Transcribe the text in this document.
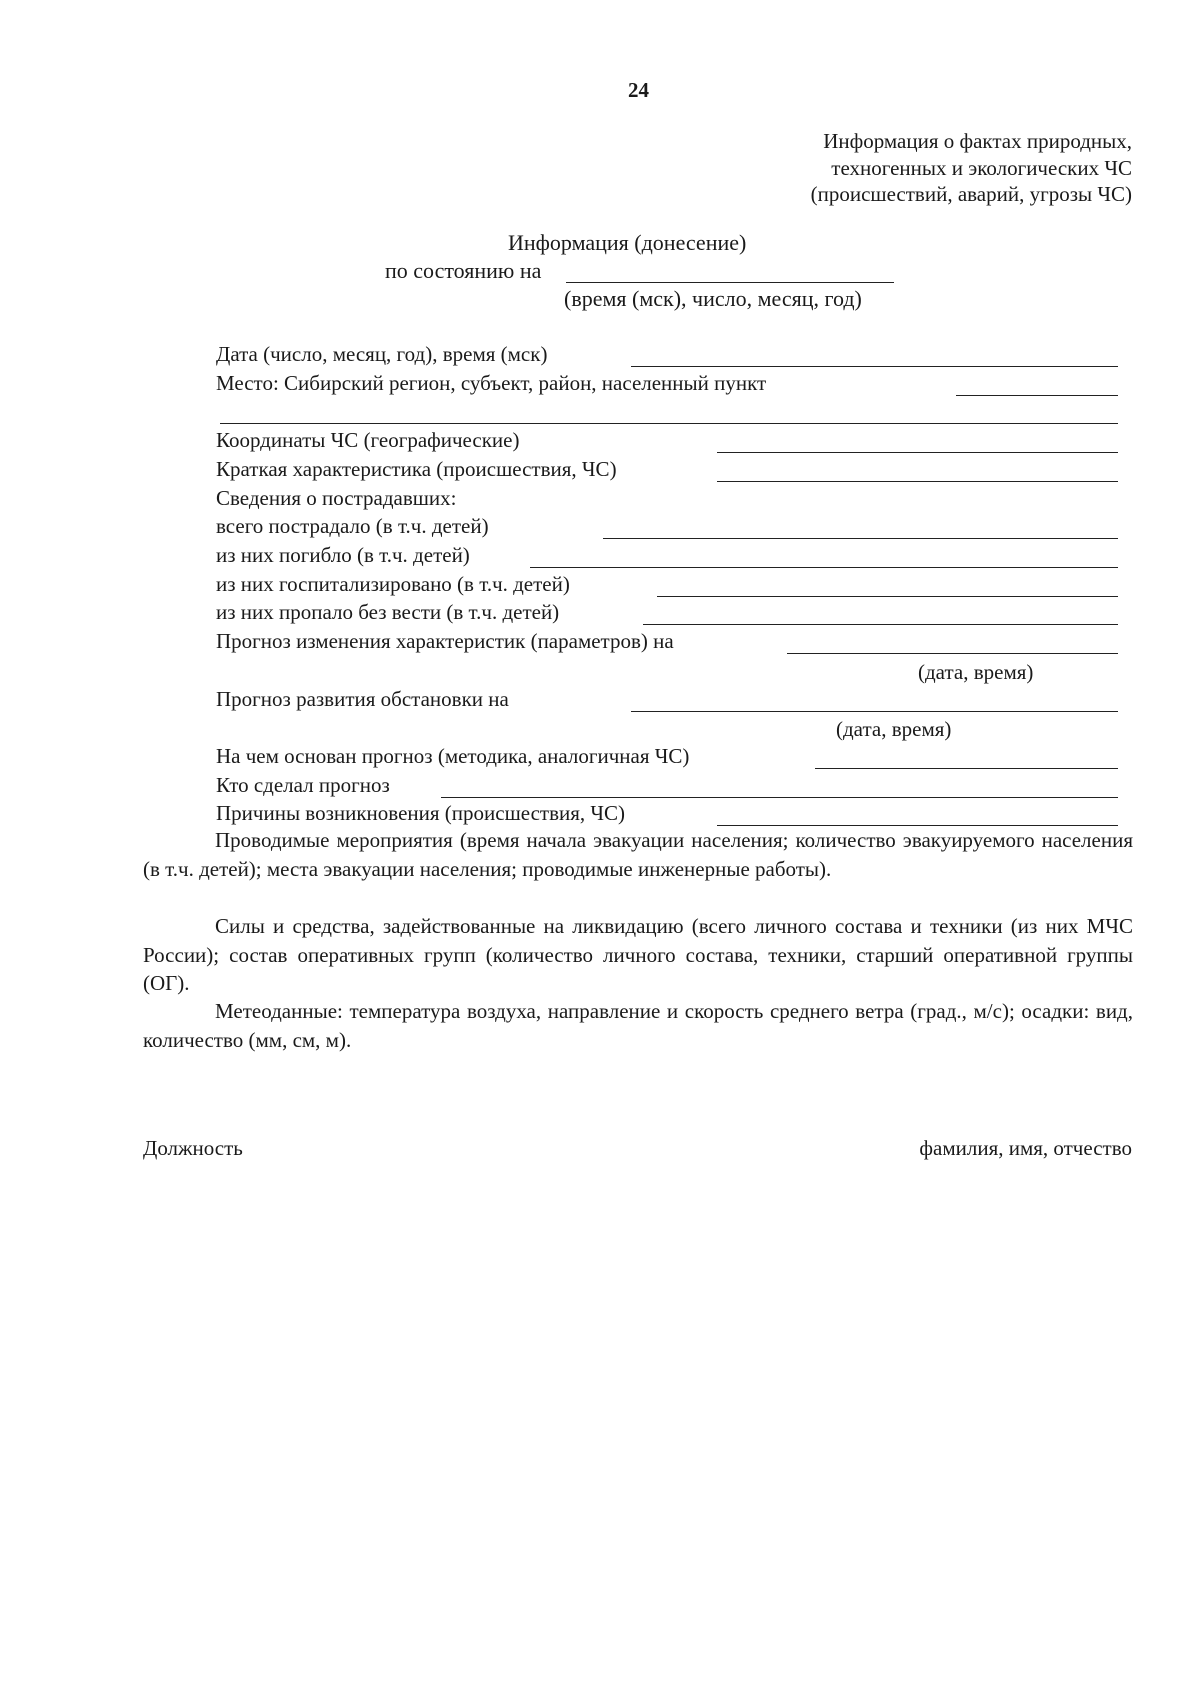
24
Информация о фактах природных,
техногенных и экологических ЧС
(происшествий, аварий, угрозы ЧС)
Информация (донесение)
по состоянию на
(время (мск), число, месяц, год)
Дата (число, месяц, год), время (мск)
Место: Сибирский регион, субъект, район, населенный пункт
Координаты ЧС (географические)
Краткая характеристика (происшествия, ЧС)
Сведения о пострадавших:
всего пострадало (в т.ч. детей)
из них погибло (в т.ч. детей)
из них госпитализировано (в т.ч. детей)
из них пропало без вести (в т.ч. детей)
Прогноз изменения характеристик (параметров) на
(дата, время)
Прогноз развития обстановки на
(дата, время)
На чем основан прогноз (методика, аналогичная ЧС)
Кто сделал прогноз
Причины возникновения (происшествия, ЧС)
Проводимые мероприятия (время начала эвакуации населения; количество эвакуируемого населения (в т.ч. детей); места эвакуации населения; проводимые инженерные работы).
Силы и средства, задействованные на ликвидацию (всего личного состава и техники (из них МЧС России); состав оперативных групп (количество личного состава, техники, старший оперативной группы (ОГ).
Метеоданные: температура воздуха, направление и скорость среднего ветра (град., м/с); осадки: вид, количество (мм, см, м).
Должность	фамилия, имя, отчество
